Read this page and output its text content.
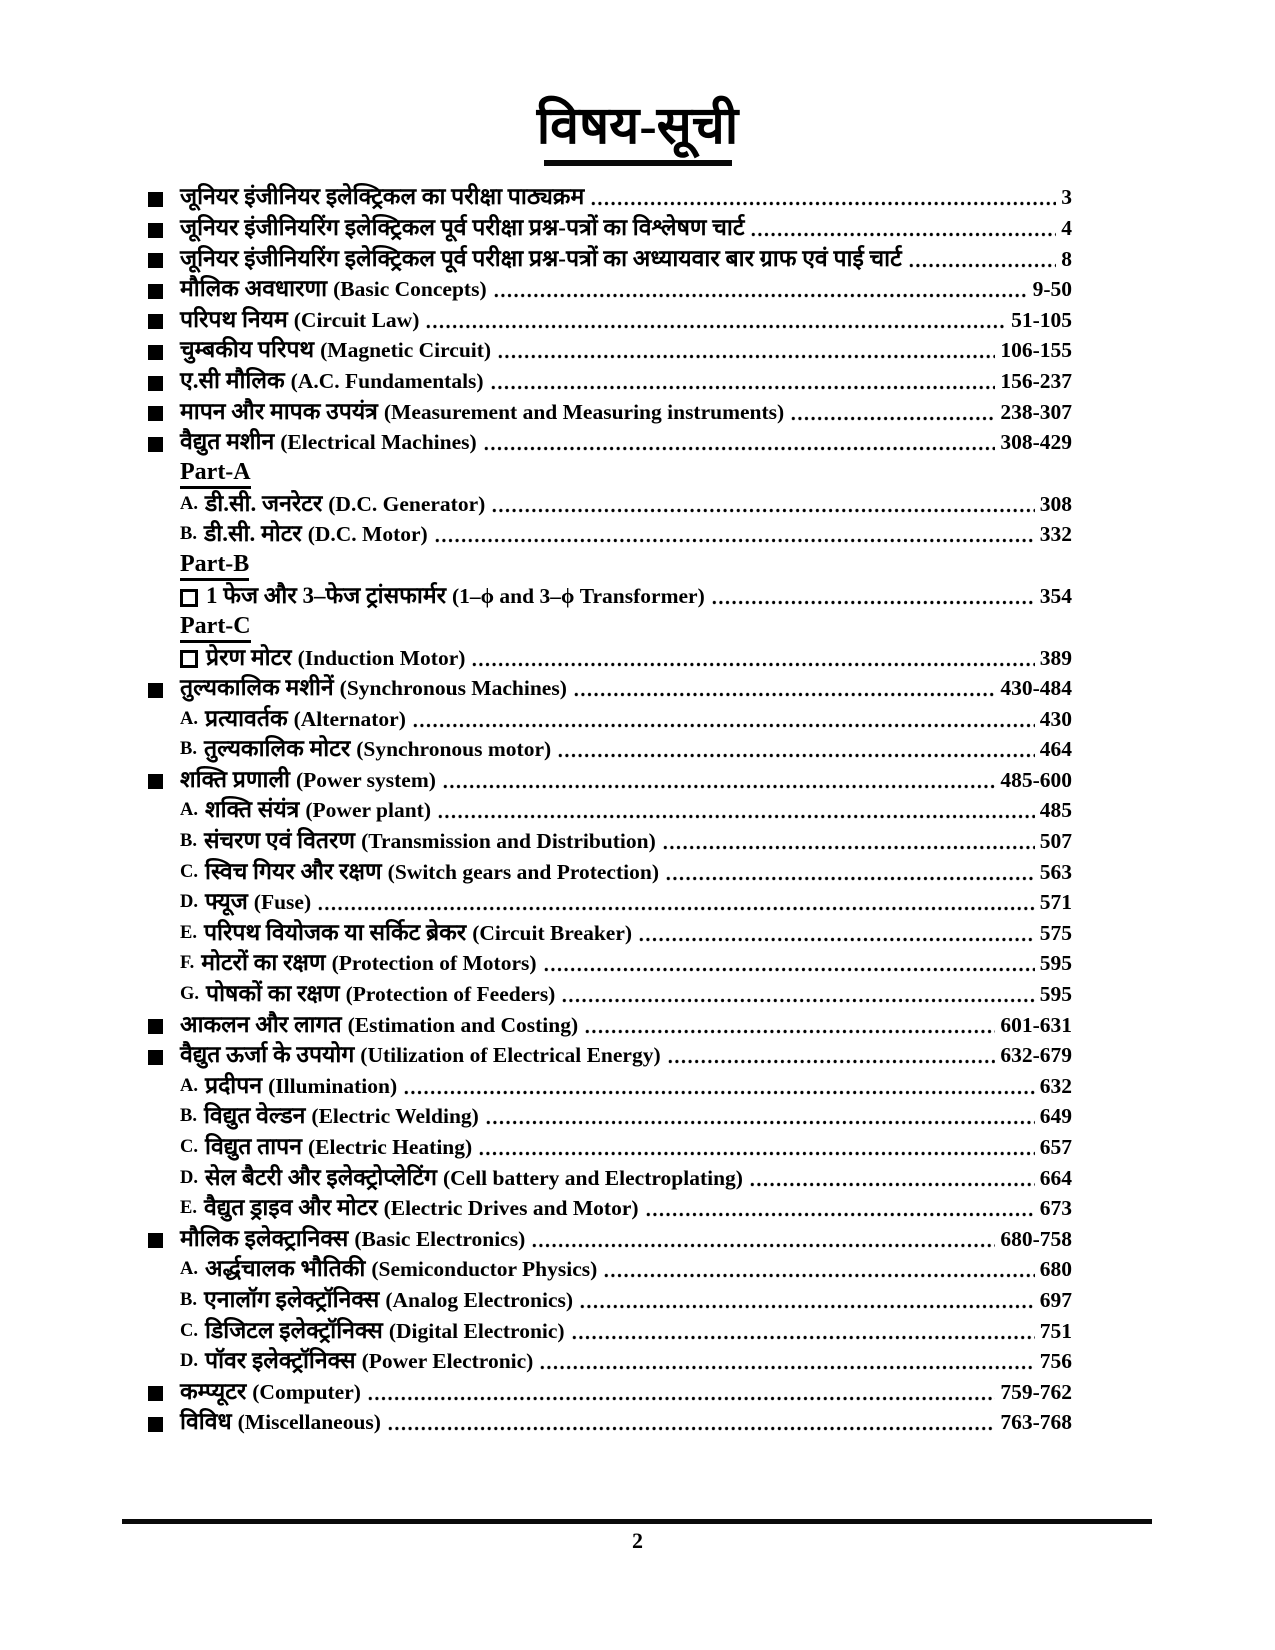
विषय-सूची
जूनियर इंजीनियर इलेक्ट्रिकल का परीक्षा पाठ्यक्रम	3
जूनियर इंजीनियरिंग इलेक्ट्रिकल पूर्व परीक्षा प्रश्न-पत्रों का विश्लेषण चार्ट	4
जूनियर इंजीनियरिंग इलेक्ट्रिकल पूर्व परीक्षा प्रश्न-पत्रों का अध्यायवार बार ग्राफ एवं पाई चार्ट	8
मौलिक अवधारणा (Basic Concepts)	9-50
परिपथ नियम (Circuit Law)	51-105
चुम्बकीय परिपथ (Magnetic Circuit)	106-155
ए.सी मौलिक (A.C. Fundamentals)	156-237
मापन और मापक उपयंत्र (Measurement and Measuring instruments)	238-307
वैद्युत मशीन (Electrical Machines)	308-429
Part-A
A. डी.सी. जनरेटर (D.C. Generator)	308
B. डी.सी. मोटर (D.C. Motor)	332
Part-B
1 फेज और 3–फेज ट्रांसफार्मर (1–ϕ and 3–ϕ Transformer)	354
Part-C
प्रेरण मोटर (Induction Motor)	389
तुल्यकालिक मशीनें (Synchronous Machines)	430-484
A. प्रत्यावर्तक (Alternator)	430
B. तुल्यकालिक मोटर (Synchronous motor)	464
शक्ति प्रणाली (Power system)	485-600
A. शक्ति संयंत्र (Power plant)	485
B. संचरण एवं वितरण (Transmission and Distribution)	507
C. स्विच गियर और रक्षण (Switch gears and Protection)	563
D. फ्यूज (Fuse)	571
E. परिपथ वियोजक या सर्किट ब्रेकर (Circuit Breaker)	575
F. मोटरों का रक्षण (Protection of Motors)	595
G. पोषकों का रक्षण (Protection of Feeders)	595
आकलन और लागत (Estimation and Costing)	601-631
वैद्युत ऊर्जा के उपयोग (Utilization of Electrical Energy)	632-679
A. प्रदीपन (Illumination)	632
B. विद्युत वेल्डन (Electric Welding)	649
C. विद्युत तापन (Electric Heating)	657
D. सेल बैटरी और इलेक्ट्रोप्लेटिंग (Cell battery and Electroplating)	664
E. वैद्युत ड्राइव और मोटर (Electric Drives and Motor)	673
मौलिक इलेक्ट्रानिक्स (Basic Electronics)	680-758
A. अर्द्धचालक भौतिकी (Semiconductor Physics)	680
B. एनालॉग इलेक्ट्रॉनिक्स (Analog Electronics)	697
C. डिजिटल इलेक्ट्रॉनिक्स (Digital Electronic)	751
D. पॉवर इलेक्ट्रॉनिक्स (Power Electronic)	756
कम्प्यूटर (Computer)	759-762
विविध (Miscellaneous)	763-768
2
